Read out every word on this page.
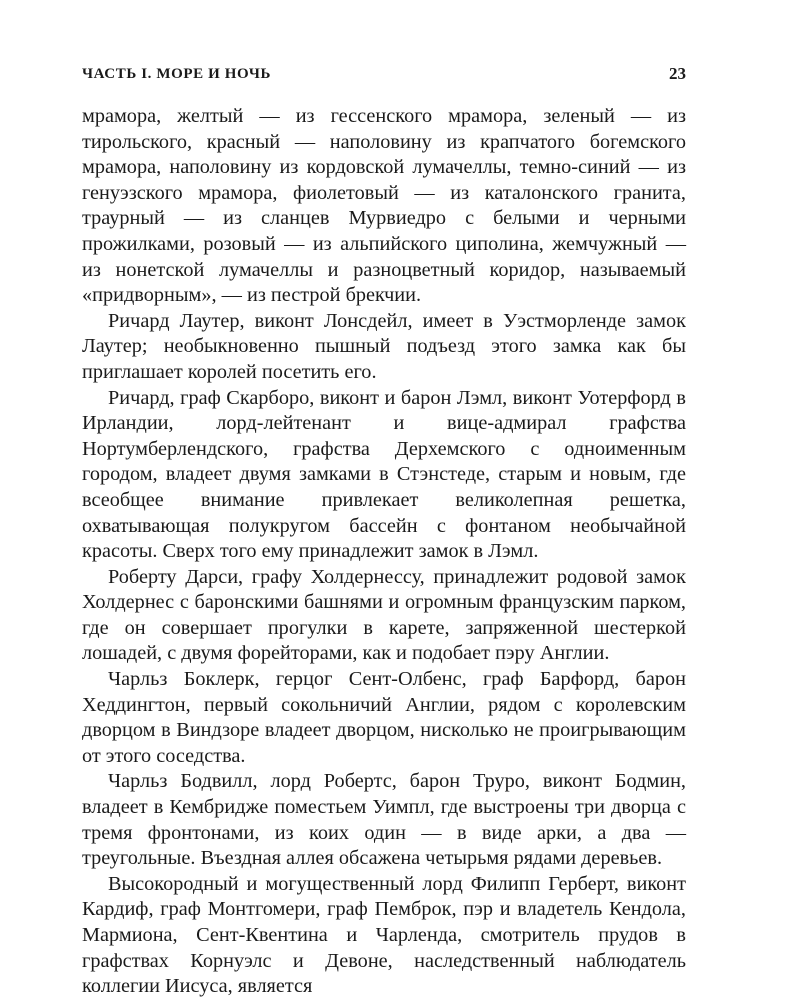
ЧАСТЬ I. МОРЕ И НОЧЬ	23

мрамора, желтый — из гессенского мрамора, зеленый — из тирольского, красный — наполовину из крапчатого богемского мрамора, наполовину из кордовской лумачеллы, темно-синий — из генуэзского мрамора, фиолетовый — из каталонского гранита, траурный — из сланцев Мурвиедро с белыми и черными прожилками, розовый — из альпийского циполина, жемчужный — из нонетской лумачеллы и разноцветный коридор, называемый «придворным», — из пестрой брекчии.

Ричард Лаутер, виконт Лонсдейл, имеет в Уэстморленде замок Лаутер; необыкновенно пышный подъезд этого замка как бы приглашает королей посетить его.

Ричард, граф Скарборо, виконт и барон Лэмл, виконт Уотерфорд в Ирландии, лорд-лейтенант и вице-адмирал графства Нортумберлендского, графства Дерхемского с одноименным городом, владеет двумя замками в Стэнстеде, старым и новым, где всеобщее внимание привлекает великолепная решетка, охватывающая полукругом бассейн с фонтаном необычайной красоты. Сверх того ему принадлежит замок в Лэмл.

Роберту Дарси, графу Холдернессу, принадлежит родовой замок Холдернес с баронскими башнями и огромным французским парком, где он совершает прогулки в карете, запряженной шестеркой лошадей, с двумя форейторами, как и подобает пэру Англии.

Чарльз Боклерк, герцог Сент-Олбенс, граф Барфорд, барон Хеддингтон, первый сокольничий Англии, рядом с королевским дворцом в Виндзоре владеет дворцом, нисколько не проигрывающим от этого соседства.

Чарльз Бодвилл, лорд Робертс, барон Труро, виконт Бодмин, владеет в Кембридже поместьем Уимпл, где выстроены три дворца с тремя фронтонами, из коих один — в виде арки, а два — треугольные. Въездная аллея обсажена четырьмя рядами деревьев.

Высокородный и могущественный лорд Филипп Герберт, виконт Кардиф, граф Монтгомери, граф Пемброк, пэр и владетель Кендола, Мармиона, Сент-Квентина и Чарленда, смотритель прудов в графствах Корнуэлс и Девоне, наследственный наблюдатель коллегии Иисуса, является
